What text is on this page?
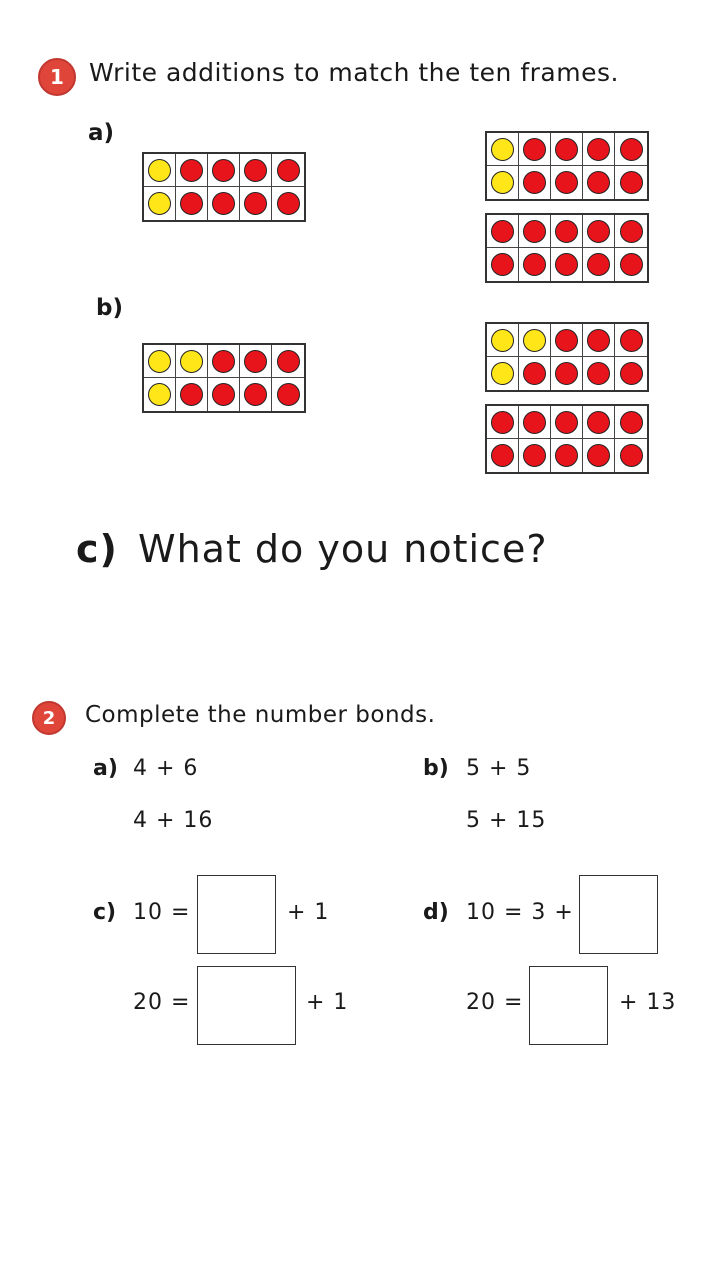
1 Write additions to match the ten frames.
a)
b)
c) What do you notice?
2 Complete the number bonds.
a) 4 + 6
4 + 16
b) 5 + 5
5 + 15
c) 10 =	+ 1
20 =	+ 1
d) 10 = 3 +
20 =	+ 13
